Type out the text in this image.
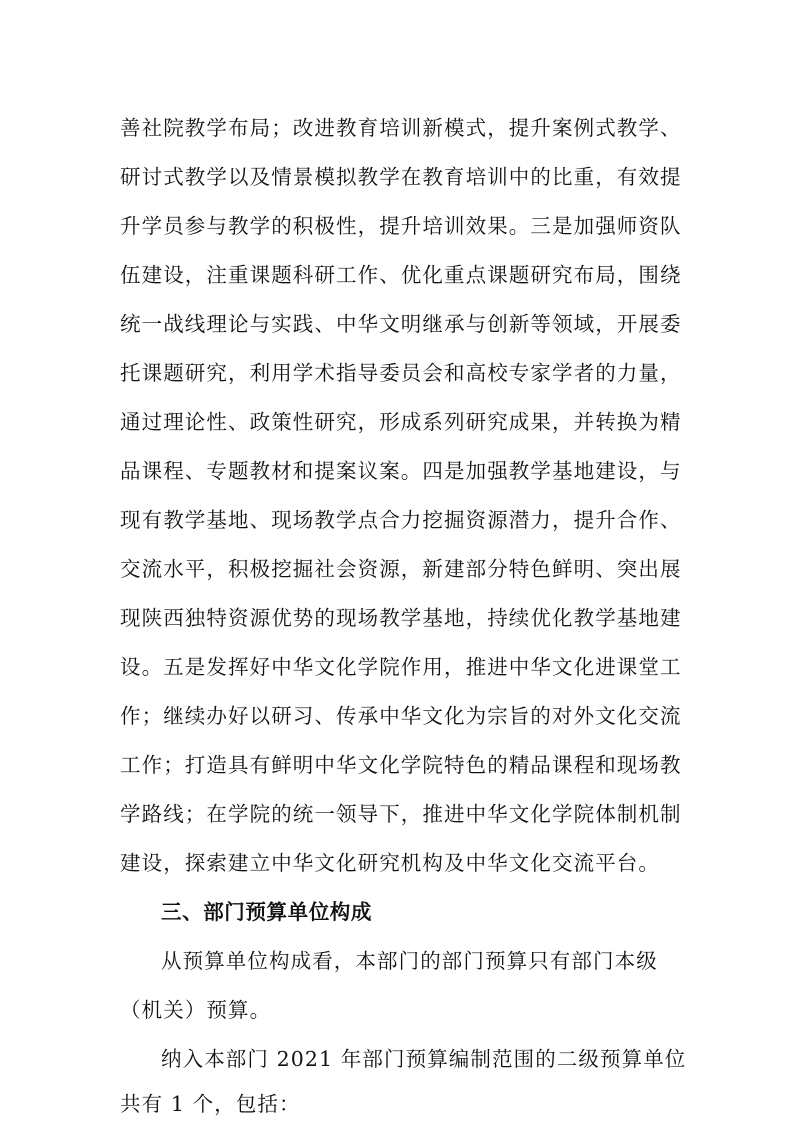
善社院教学布局；改进教育培训新模式，提升案例式教学、
研讨式教学以及情景模拟教学在教育培训中的比重，有效提
升学员参与教学的积极性，提升培训效果。三是加强师资队
伍建设，注重课题科研工作、优化重点课题研究布局，围绕
统一战线理论与实践、中华文明继承与创新等领域，开展委
托课题研究，利用学术指导委员会和高校专家学者的力量，
通过理论性、政策性研究，形成系列研究成果，并转换为精
品课程、专题教材和提案议案。四是加强教学基地建设，与
现有教学基地、现场教学点合力挖掘资源潜力，提升合作、
交流水平，积极挖掘社会资源，新建部分特色鲜明、突出展
现陕西独特资源优势的现场教学基地，持续优化教学基地建
设。五是发挥好中华文化学院作用，推进中华文化进课堂工
作；继续办好以研习、传承中华文化为宗旨的对外文化交流
工作；打造具有鲜明中华文化学院特色的精品课程和现场教
学路线；在学院的统一领导下，推进中华文化学院体制机制
建设，探索建立中华文化研究机构及中华文化交流平台。
三、部门预算单位构成
从预算单位构成看，本部门的部门预算只有部门本级
（机关）预算。
纳入本部门 2021 年部门预算编制范围的二级预算单位
共有 1 个，包括：
